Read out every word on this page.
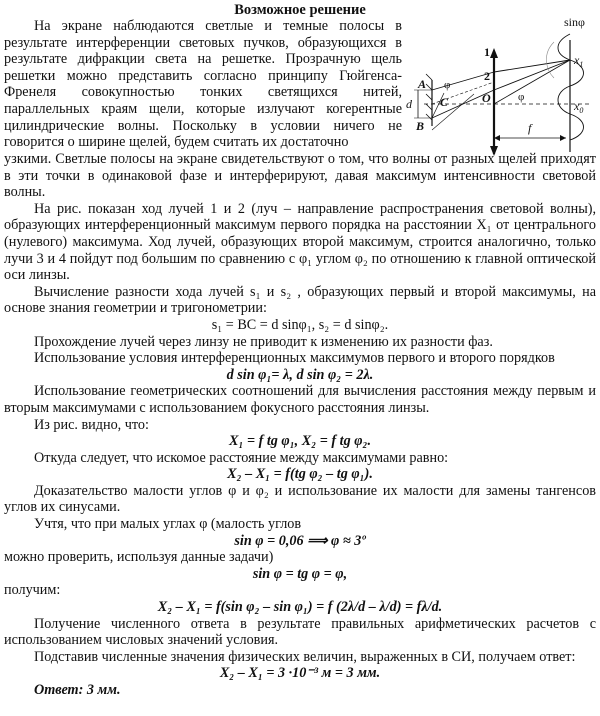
Возможное решение

На экране наблюдаются светлые и темные полосы в результате интерференции световых пучков, образующихся в результате дифракции света на решетке. Прозрачную щель решетки можно представить согласно принципу Гюйгенса-Френеля совокупностью тонких светящихся нитей, параллельных краям щели, которые излучают когерентные цилиндрические волны. Поскольку в условии ничего не говорится о ширине щелей, будем считать их достаточно

sinφ
1
2
A
B
C	O
d
φ
φ
f
$x_1$
$x_0$

узкими. Светлые полосы на экране свидетельствуют о том, что волны от разных щелей приходят в эти точки в одинаковой фазе и интерферируют, давая максимум интенсивности световой волны.

На рис. показан ход лучей 1 и 2 (луч – направление распространения световой волны), образующих интерференционный максимум первого порядка на расстоянии X₁ от центрального (нулевого) максимума. Ход лучей, образующих второй максимум, строится аналогично, только лучи 3 и 4 пойдут под большим по сравнению с φ₁ углом φ₂ по отношению к главной оптической оси линзы.

Вычисление разности хода лучей s₁ и s₂ , образующих первый и второй максимумы, на основе знания геометрии и тригонометрии:

s₁ = BC = d sinφ₁, s₂ = d sinφ₂.

Прохождение лучей через линзу не приводит к изменению их разности фаз.

Использование условия интерференционных максимумов первого и второго порядков

d sin φ₁= λ, d sin φ₂ = 2λ.

Использование геометрических соотношений для вычисления расстояния между первым и вторым максимумами с использованием фокусного расстояния линзы.

Из рис. видно, что:

X₁ = f tg φ₁, X₂ = f tg φ₂.

Откуда следует, что искомое расстояние между максимумами равно:

X₂ – X₁ = f(tg φ₂ – tg φ₁).

Доказательство малости углов φ и φ₂ и использование их малости для замены тангенсов углов их синусами.

Учтя, что при малых углах φ (малость углов

sin φ = 0,06 ⟹ φ ≈ 3º

можно проверить, используя данные задачи)

sin φ = tg φ = φ,

получим:

X₂ – X₁ = f(sin φ₂ – sin φ₁) = f (2λ/d – λ/d) = fλ/d.

Получение численного ответа в результате правильных арифметических расчетов с использованием числовых значений условия.

Подставив численные значения физических величин, выраженных в СИ, получаем ответ:

X₂ – X₁ = 3 ·10⁻³ м = 3 мм.

Ответ: 3 мм.
